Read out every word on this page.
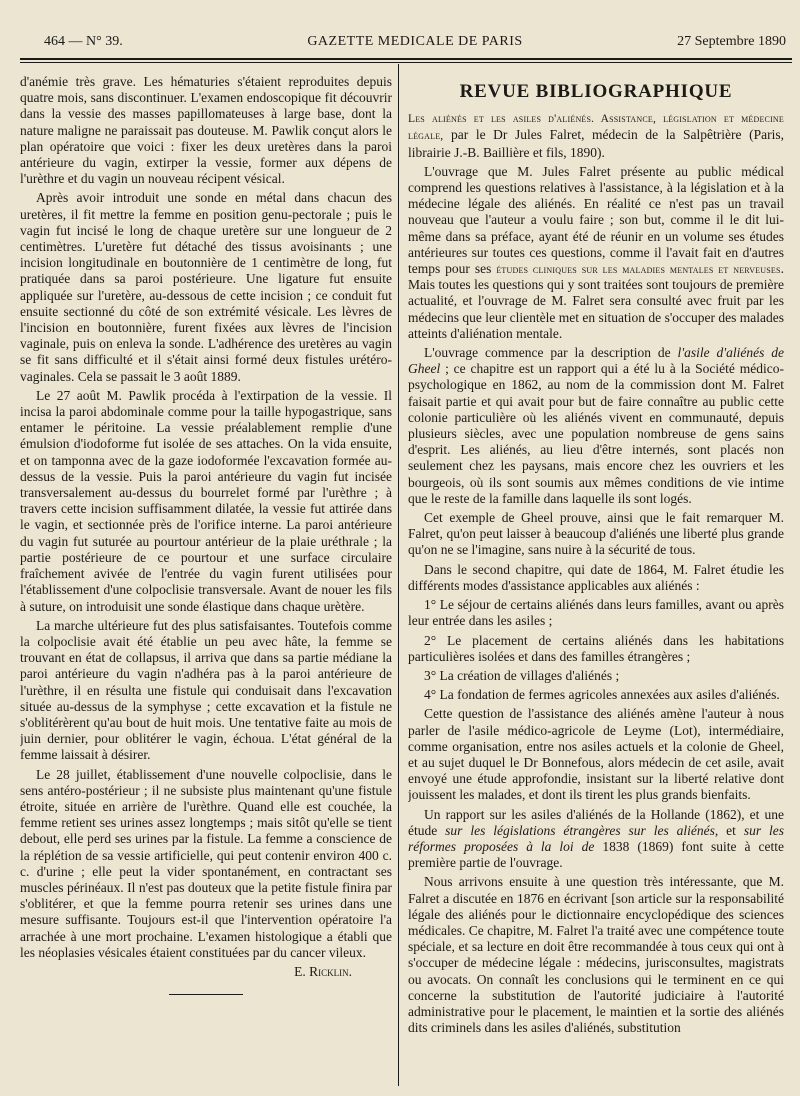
464 — N° 39.	GAZETTE MEDICALE DE PARIS	27 Septembre 1890

d'anémie très grave. Les hématuries s'étaient reproduites depuis quatre mois, sans discontinuer. L'examen endoscopique fit découvrir dans la vessie des masses papillomateuses à large base, dont la nature maligne ne paraissait pas douteuse. M. Pawlik conçut alors le plan opératoire que voici : fixer les deux uretères dans la paroi antérieure du vagin, extirper la vessie, former aux dépens de l'urèthre et du vagin un nouveau récipent vésical.

Après avoir introduit une sonde en métal dans chacun des uretères, il fit mettre la femme en position genu-pectorale ; puis le vagin fut incisé le long de chaque uretère sur une longueur de 2 centimètres. L'uretère fut détaché des tissus avoisinants ; une incision longitudinale en boutonnière de 1 centimètre de long, fut pratiquée dans sa paroi postérieure. Une ligature fut ensuite appliquée sur l'uretère, au-dessous de cette incision ; ce conduit fut ensuite sectionné du côté de son extrémité vésicale. Les lèvres de l'incision en boutonnière, furent fixées aux lèvres de l'incision vaginale, puis on enleva la sonde. L'adhérence des uretères au vagin se fit sans difficulté et il s'était ainsi formé deux fistules urétéro-vaginales. Cela se passait le 3 août 1889.

Le 27 août M. Pawlik procéda à l'extirpation de la vessie. Il incisa la paroi abdominale comme pour la taille hypogastrique, sans entamer le péritoine. La vessie préalablement remplie d'une émulsion d'iodoforme fut isolée de ses attaches. On la vida ensuite, et on tamponna avec de la gaze iodoformée l'excavation formée au-dessus de la vessie. Puis la paroi antérieure du vagin fut incisée transversalement au-dessus du bourrelet formé par l'urèthre ; à travers cette incision suffisamment dilatée, la vessie fut attirée dans le vagin, et sectionnée près de l'orifice interne. La paroi antérieure du vagin fut suturée au pourtour antérieur de la plaie uréthrale ; la partie postérieure de ce pourtour et une surface circulaire fraîchement avivée de l'entrée du vagin furent utilisées pour l'établissement d'une colpoclisie transversale. Avant de nouer les fils à suture, on introduisit une sonde élastique dans chaque urètère.

La marche ultérieure fut des plus satisfaisantes. Toutefois comme la colpoclisie avait été établie un peu avec hâte, la femme se trouvant en état de collapsus, il arriva que dans sa partie médiane la paroi antérieure du vagin n'adhéra pas à la paroi antérieure de l'urèthre, il en résulta une fistule qui conduisait dans l'excavation située au-dessus de la symphyse ; cette excavation et la fistule ne s'oblitérèrent qu'au bout de huit mois. Une tentative faite au mois de juin dernier, pour oblitérer le vagin, échoua. L'état général de la femme laissait à désirer.

Le 28 juillet, établissement d'une nouvelle colpoclisie, dans le sens antéro-postérieur ; il ne subsiste plus maintenant qu'une fistule étroite, située en arrière de l'urèthre. Quand elle est couchée, la femme retient ses urines assez longtemps ; mais sitôt qu'elle se tient debout, elle perd ses urines par la fistule. La femme a conscience de la réplétion de sa vessie artificielle, qui peut contenir environ 400 c. c. d'urine ; elle peut la vider spontanément, en contractant ses muscles périnéaux. Il n'est pas douteux que la petite fistule finira par s'oblitérer, et que la femme pourra retenir ses urines dans une mesure suffisante. Toujours est-il que l'intervention opératoire l'a arrachée à une mort prochaine. L'examen histologique a établi que les néoplasies vésicales étaient constituées par du cancer vileux.

E. Ricklin.

REVUE BIBLIOGRAPHIQUE

Les aliénés et les asiles d'aliénés. Assistance, législation et médecine légale, par le Dr Jules Falret, médecin de la Salpêtrière (Paris, librairie J.-B. Baillière et fils, 1890).

L'ouvrage que M. Jules Falret présente au public médical comprend les questions relatives à l'assistance, à la législation et à la médecine légale des aliénés. En réalité ce n'est pas un travail nouveau que l'auteur a voulu faire ; son but, comme il le dit lui-même dans sa préface, ayant été de réunir en un volume ses études antérieures sur toutes ces questions, comme il l'avait fait en d'autres temps pour ses études cliniques sur les maladies mentales et nerveuses. Mais toutes les questions qui y sont traitées sont toujours de première actualité, et l'ouvrage de M. Falret sera consulté avec fruit par les médecins que leur clientèle met en situation de s'occuper des malades atteints d'aliénation mentale.

L'ouvrage commence par la description de l'asile d'aliénés de Gheel ; ce chapitre est un rapport qui a été lu à la Société médico-psychologique en 1862, au nom de la commission dont M. Falret faisait partie et qui avait pour but de faire connaître au public cette colonie particulière où les aliénés vivent en communauté, depuis plusieurs siècles, avec une population nombreuse de gens sains d'esprit. Les aliénés, au lieu d'être internés, sont placés non seulement chez les paysans, mais encore chez les ouvriers et les bourgeois, où ils sont soumis aux mêmes conditions de vie intime que le reste de la famille dans laquelle ils sont logés.

Cet exemple de Gheel prouve, ainsi que le fait remarquer M. Falret, qu'on peut laisser à beaucoup d'aliénés une liberté plus grande qu'on ne se l'imagine, sans nuire à la sécurité de tous.

Dans le second chapitre, qui date de 1864, M. Falret étudie les différents modes d'assistance applicables aux aliénés :

1° Le séjour de certains aliénés dans leurs familles, avant ou après leur entrée dans les asiles ;

2° Le placement de certains aliénés dans les habitations particulières isolées et dans des familles étrangères ;

3° La création de villages d'aliénés ;

4° La fondation de fermes agricoles annexées aux asiles d'aliénés.

Cette question de l'assistance des aliénés amène l'auteur à nous parler de l'asile médico-agricole de Leyme (Lot), intermédiaire, comme organisation, entre nos asiles actuels et la colonie de Gheel, et au sujet duquel le Dr Bonnefous, alors médecin de cet asile, avait envoyé une étude approfondie, insistant sur la liberté relative dont jouissent les malades, et dont ils tirent les plus grands bienfaits.

Un rapport sur les asiles d'aliénés de la Hollande (1862), et une étude sur les législations étrangères sur les aliénés, et sur les réformes proposées à la loi de 1838 (1869) font suite à cette première partie de l'ouvrage.

Nous arrivons ensuite à une question très intéressante, que M. Falret a discutée en 1876 en écrivant [son article sur la responsabilité légale des aliénés pour le dictionnaire encyclopédique des sciences médicales. Ce chapitre, M. Falret l'a traité avec une compétence toute spéciale, et sa lecture en doit être recommandée à tous ceux qui ont à s'occuper de médecine légale : médecins, jurisconsultes, magistrats ou avocats. On connaît les conclusions qui le terminent en ce qui concerne la substitution de l'autorité judiciaire à l'autorité administrative pour le placement, le maintien et la sortie des aliénés dits criminels dans les asiles d'aliénés, substitution
